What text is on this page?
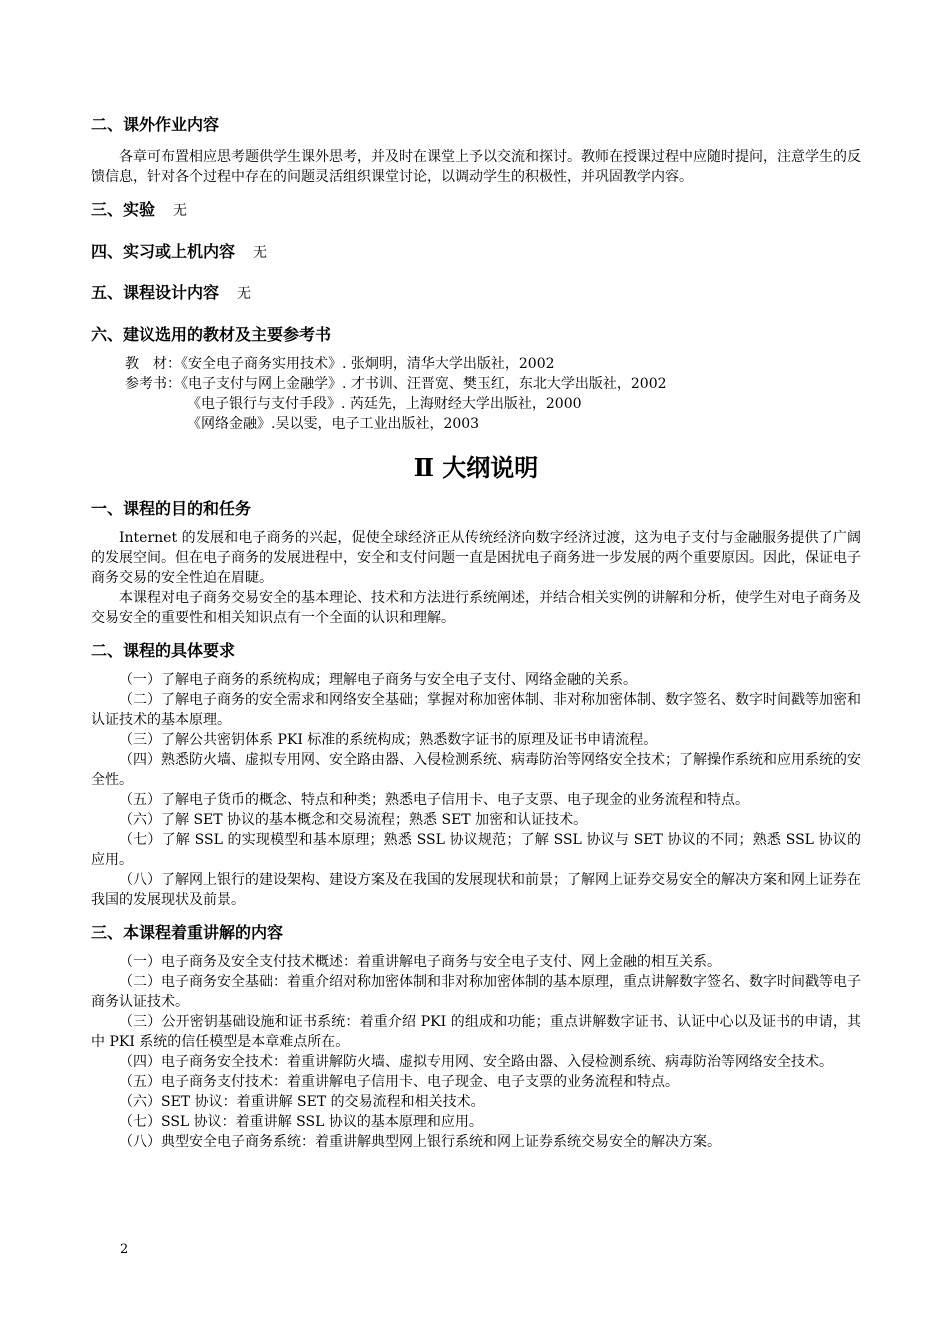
二、课外作业内容

各章可布置相应思考题供学生课外思考，并及时在课堂上予以交流和探讨。教师在授课过程中应随时提问，注意学生的反馈信息，针对各个过程中存在的问题灵活组织课堂讨论，以调动学生的积极性，并巩固教学内容。

三、实验 无

四、实习或上机内容 无

五、课程设计内容 无

六、建议选用的教材及主要参考书

教　材：《安全电子商务实用技术》. 张炯明，清华大学出版社，2002

参考书：《电子支付与网上金融学》. 才书训、汪晋宽、樊玉红，东北大学出版社，2002

《电子银行与支付手段》. 芮廷先，上海财经大学出版社，2000

《网络金融》.吴以雯，电子工业出版社，2003

Ⅱ 大纲说明

一、课程的目的和任务

Internet 的发展和电子商务的兴起，促使全球经济正从传统经济向数字经济过渡，这为电子支付与金融服务提供了广阔的发展空间。但在电子商务的发展进程中，安全和支付问题一直是困扰电子商务进一步发展的两个重要原因。因此，保证电子商务交易的安全性迫在眉睫。

本课程对电子商务交易安全的基本理论、技术和方法进行系统阐述，并结合相关实例的讲解和分析，使学生对电子商务及交易安全的重要性和相关知识点有一个全面的认识和理解。

二、课程的具体要求

（一）了解电子商务的系统构成；理解电子商务与安全电子支付、网络金融的关系。

（二）了解电子商务的安全需求和网络安全基础；掌握对称加密体制、非对称加密体制、数字签名、数字时间戳等加密和认证技术的基本原理。

（三）了解公共密钥体系 PKI 标准的系统构成；熟悉数字证书的原理及证书申请流程。

（四）熟悉防火墙、虚拟专用网、安全路由器、入侵检测系统、病毒防治等网络安全技术；了解操作系统和应用系统的安全性。

（五）了解电子货币的概念、特点和种类；熟悉电子信用卡、电子支票、电子现金的业务流程和特点。

（六）了解 SET 协议的基本概念和交易流程；熟悉 SET 加密和认证技术。

（七）了解 SSL 的实现模型和基本原理；熟悉 SSL 协议规范；了解 SSL 协议与 SET 协议的不同；熟悉 SSL 协议的应用。

（八）了解网上银行的建设架构、建设方案及在我国的发展现状和前景；了解网上证券交易安全的解决方案和网上证券在我国的发展现状及前景。

三、本课程着重讲解的内容

（一）电子商务及安全支付技术概述：着重讲解电子商务与安全电子支付、网上金融的相互关系。

（二）电子商务安全基础：着重介绍对称加密体制和非对称加密体制的基本原理，重点讲解数字签名、数字时间戳等电子商务认证技术。

（三）公开密钥基础设施和证书系统：着重介绍 PKI 的组成和功能；重点讲解数字证书、认证中心以及证书的申请，其中 PKI 系统的信任模型是本章难点所在。

（四）电子商务安全技术：着重讲解防火墙、虚拟专用网、安全路由器、入侵检测系统、病毒防治等网络安全技术。

（五）电子商务支付技术：着重讲解电子信用卡、电子现金、电子支票的业务流程和特点。

（六）SET 协议：着重讲解 SET 的交易流程和相关技术。

（七）SSL 协议：着重讲解 SSL 协议的基本原理和应用。

（八）典型安全电子商务系统：着重讲解典型网上银行系统和网上证券系统交易安全的解决方案。

2
